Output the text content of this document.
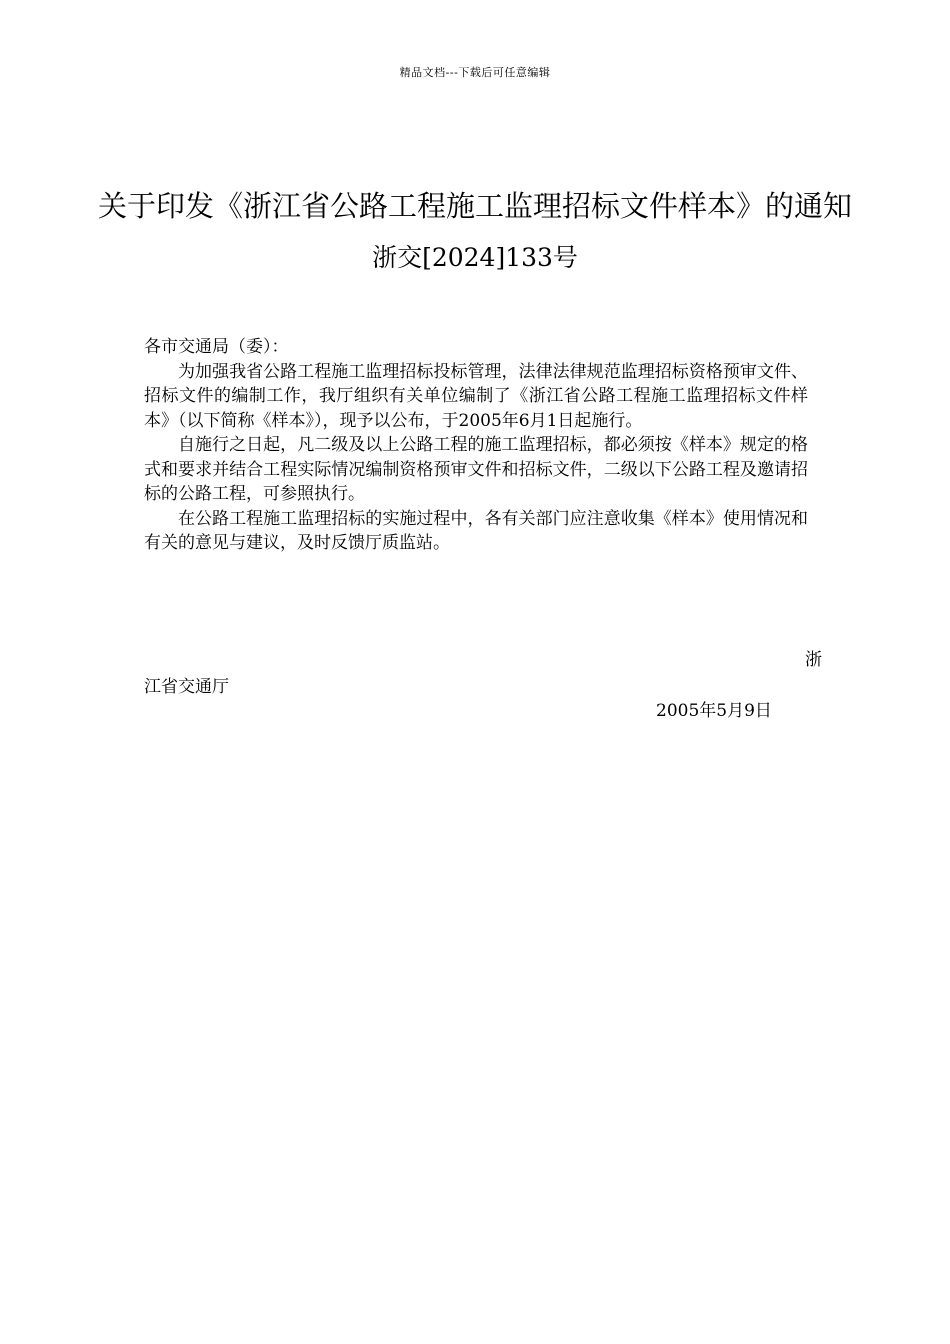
精品文档---下载后可任意编辑
关于印发《浙江省公路工程施工监理招标文件样本》的通知
浙交[2024]133号

各市交通局（委）：

为加强我省公路工程施工监理招标投标管理，法律法律规范监理招标资格预审文件、招标文件的编制工作，我厅组织有关单位编制了《浙江省公路工程施工监理招标文件样本》（以下简称《样本》），现予以公布，于2005年6月1日起施行。

自施行之日起，凡二级及以上公路工程的施工监理招标，都必须按《样本》规定的格式和要求并结合工程实际情况编制资格预审文件和招标文件，二级以下公路工程及邀请招标的公路工程，可参照执行。

在公路工程施工监理招标的实施过程中，各有关部门应注意收集《样本》使用情况和有关的意见与建议，及时反馈厅质监站。

浙
江省交通厅
2005年5月9日
